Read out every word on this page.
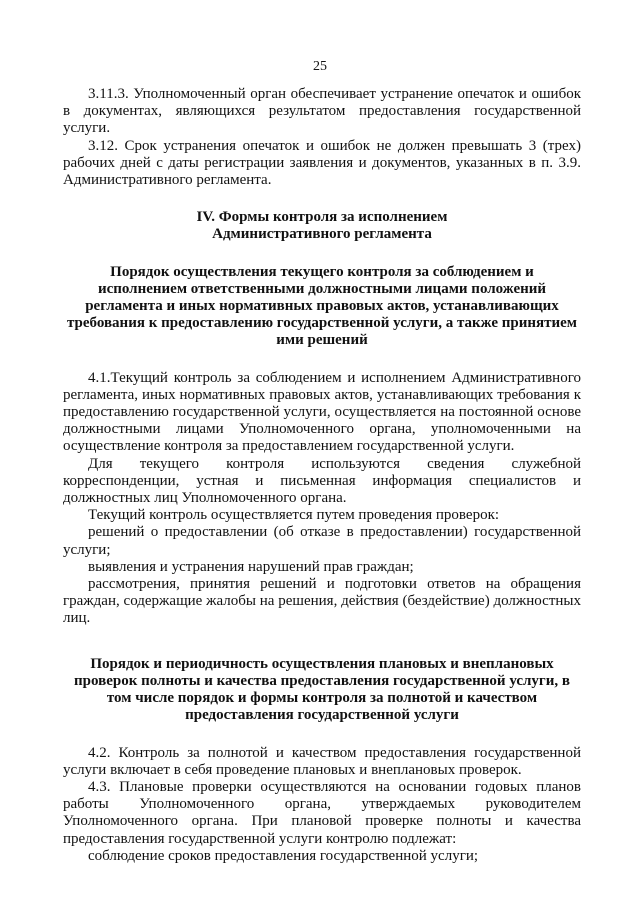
25

3.11.3. Уполномоченный орган обеспечивает устранение опечаток и ошибок в документах, являющихся результатом предоставления государственной услуги.

3.12. Срок устранения опечаток и ошибок не должен превышать 3 (трех) рабочих дней с даты регистрации заявления и документов, указанных в п. 3.9. Административного регламента.

IV. Формы контроля за исполнением Административного регламента

Порядок осуществления текущего контроля за соблюдением и исполнением ответственными должностными лицами положений регламента и иных нормативных правовых актов, устанавливающих требования к предоставлению государственной услуги, а также принятием ими решений

4.1.Текущий контроль за соблюдением и исполнением Административного регламента, иных нормативных правовых актов, устанавливающих требования к предоставлению государственной услуги, осуществляется на постоянной основе должностными лицами Уполномоченного органа, уполномоченными на осуществление контроля за предоставлением государственной услуги.

Для текущего контроля используются сведения служебной корреспонденции, устная и письменная информация специалистов и должностных лиц Уполномоченного органа.

Текущий контроль осуществляется путем проведения проверок:

решений о предоставлении (об отказе в предоставлении) государственной услуги;

выявления и устранения нарушений прав граждан;

рассмотрения, принятия решений и подготовки ответов на обращения граждан, содержащие жалобы на решения, действия (бездействие) должностных лиц.

Порядок и периодичность осуществления плановых и внеплановых проверок полноты и качества предоставления государственной услуги, в том числе порядок и формы контроля за полнотой и качеством предоставления государственной услуги

4.2. Контроль за полнотой и качеством предоставления государственной услуги включает в себя проведение плановых и внеплановых проверок.

4.3. Плановые проверки осуществляются на основании годовых планов работы Уполномоченного органа, утверждаемых руководителем Уполномоченного органа. При плановой проверке полноты и качества предоставления государственной услуги контролю подлежат:

соблюдение сроков предоставления государственной услуги;
